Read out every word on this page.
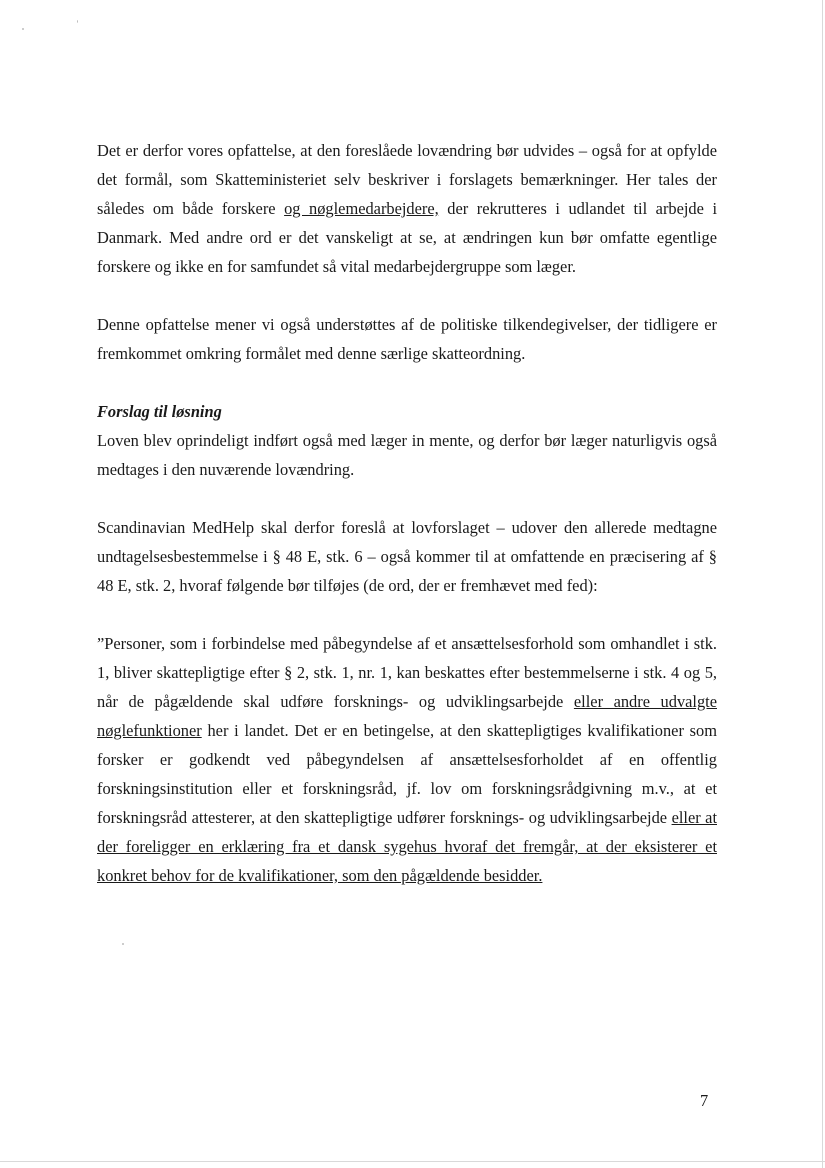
Det er derfor vores opfattelse, at den foreslåede lovændring bør udvides – også for at opfylde det formål, som Skatteministeriet selv beskriver i forslagets bemærkninger. Her tales der således om både forskere og nøglemedarbejdere, der rekrutteres i udlandet til arbejde i Danmark. Med andre ord er det vanskeligt at se, at ændringen kun bør omfatte egentlige forskere og ikke en for samfundet så vital medarbejdergruppe som læger.

Denne opfattelse mener vi også understøttes af de politiske tilkendegivelser, der tidligere er fremkommet omkring formålet med denne særlige skatteordning.

Forslag til løsning

Loven blev oprindeligt indført også med læger in mente, og derfor bør læger naturligvis også medtages i den nuværende lovændring.

Scandinavian MedHelp skal derfor foreslå at lovforslaget – udover den allerede medtagne undtagelsesbestemmelse i § 48 E, stk. 6 – også kommer til at omfattende en præcisering af § 48 E, stk. 2, hvoraf følgende bør tilføjes (de ord, der er fremhævet med fed):

”Personer, som i forbindelse med påbegyndelse af et ansættelsesforhold som omhandlet i stk. 1, bliver skattepligtige efter § 2, stk. 1, nr. 1, kan beskattes efter bestemmelserne i stk. 4 og 5, når de pågældende skal udføre forsknings- og udviklingsarbejde eller andre udvalgte nøglefunktioner her i landet. Det er en betingelse, at den skattepligtiges kvalifikationer som forsker er godkendt ved påbegyndelsen af ansættelsesforholdet af en offentlig forskningsinstitution eller et forskningsråd, jf. lov om forskningsrådgivning m.v., at et forskningsråd attesterer, at den skattepligtige udfører forsknings- og udviklingsarbejde eller at der foreligger en erklæring fra et dansk sygehus hvoraf det fremgår, at der eksisterer et konkret behov for de kvalifikationer, som den pågældende besidder.

7
